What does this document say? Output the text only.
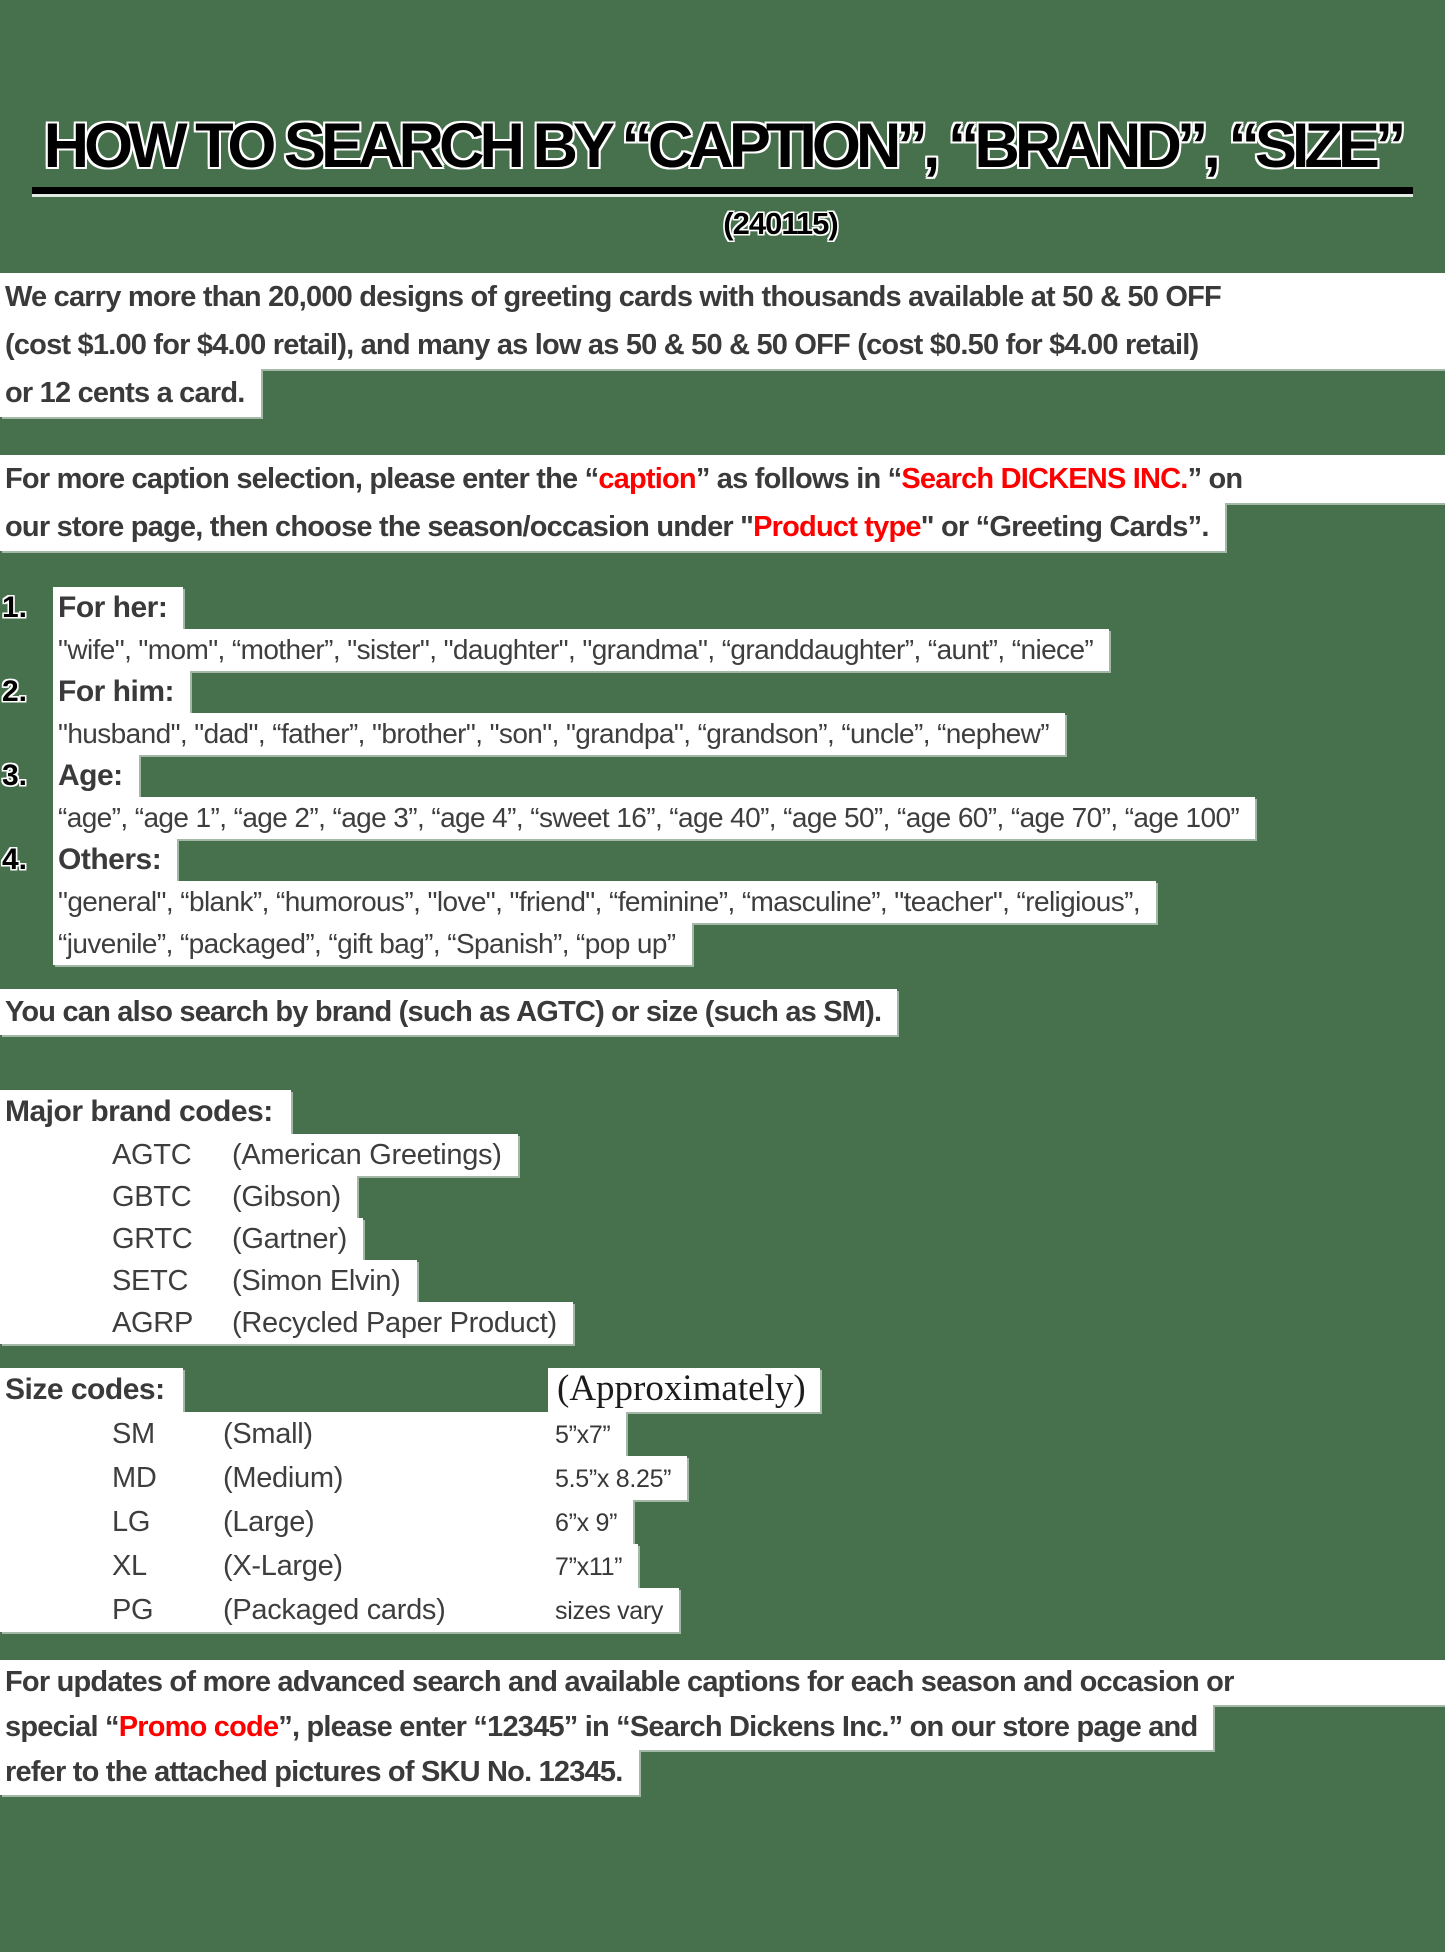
HOW TO SEARCH BY “CAPTION”, “BRAND”, “SIZE”
(240115)
We carry more than 20,000 designs of greeting cards with thousands available at 50 & 50 OFF
(cost $1.00 for $4.00 retail), and many as low as 50 & 50 & 50 OFF (cost $0.50 for $4.00 retail)
or 12 cents a card.
For more caption selection, please enter the “caption” as follows in “Search DICKENS INC.” on
our store page, then choose the season/occasion under "Product type" or “Greeting Cards”.
1. For her:
"wife", "mom", “mother”, "sister", "daughter", "grandma", “granddaughter”, “aunt”, “niece”
2. For him:
"husband", "dad", “father”, "brother", "son", "grandpa", “grandson”, “uncle”, “nephew”
3. Age:
“age”, “age 1”, “age 2”, “age 3”, “age 4”, “sweet 16”, “age 40”, “age 50”, “age 60”, “age 70”, “age 100”
4. Others:
"general", “blank”, “humorous”, "love", "friend", “feminine”, “masculine”, "teacher", “religious”,
“juvenile”, “packaged”, “gift bag”, “Spanish”, “pop up”
You can also search by brand (such as AGTC) or size (such as SM).
Major brand codes:
AGTC (American Greetings)
GBTC (Gibson)
GRTC (Gartner)
SETC (Simon Elvin)
AGRP (Recycled Paper Product)
Size codes:	(Approximately)
SM (Small)	5”x7”
MD (Medium)	5.5”x 8.25”
LG	(Large)	6”x 9”
XL	(X-Large)	7”x11”
PG (Packaged cards)	sizes vary
For updates of more advanced search and available captions for each season and occasion or
special “Promo code”, please enter “12345” in “Search Dickens Inc.” on our store page and
refer to the attached pictures of SKU No. 12345.
